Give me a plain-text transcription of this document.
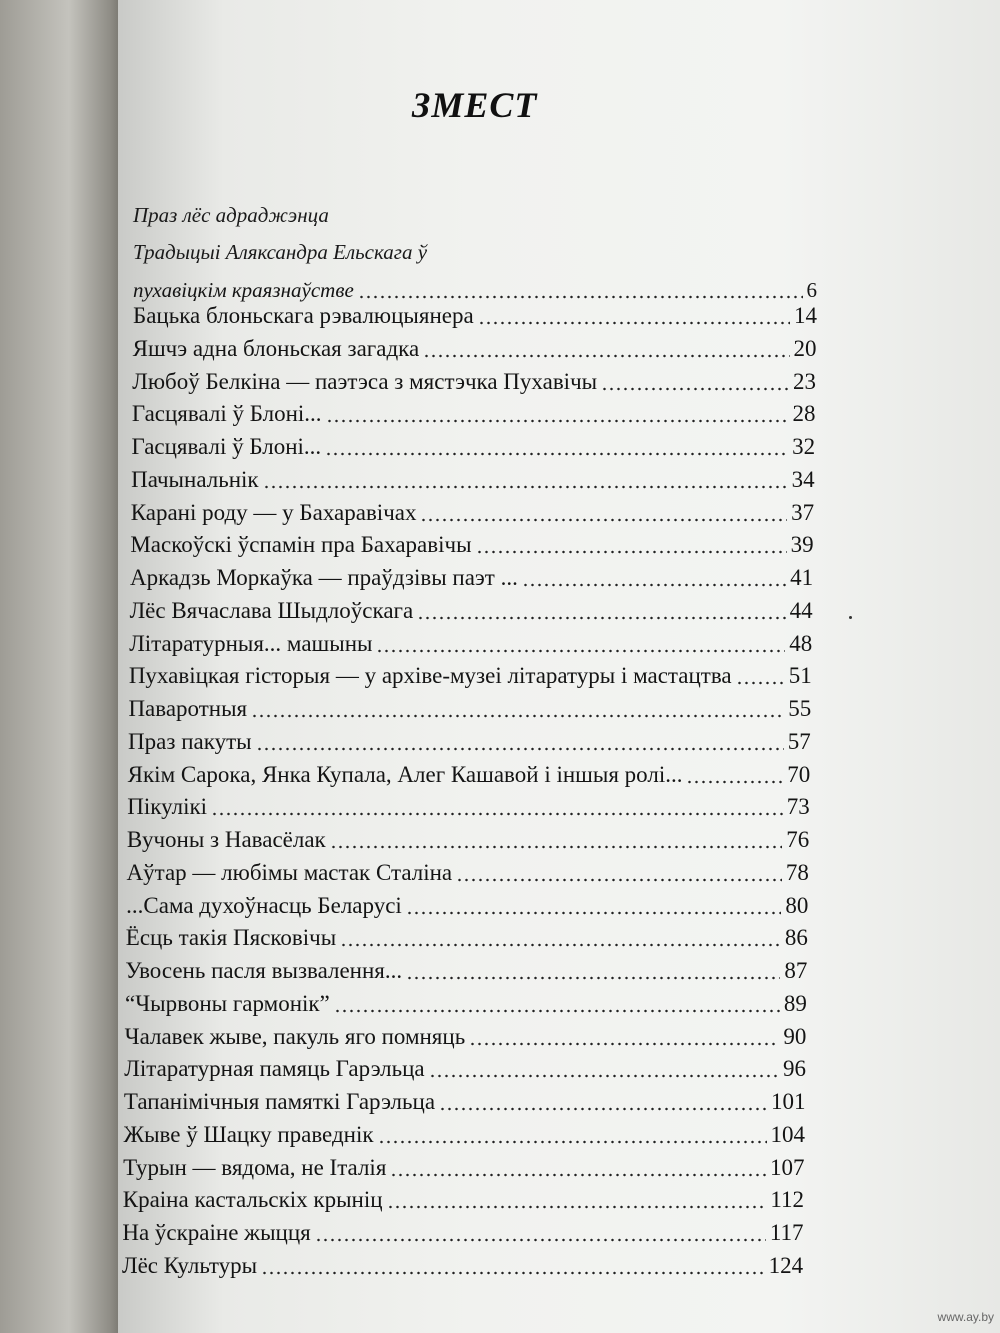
ЗМЕСТ
Праз лёс адраджэнца
Традыцыі Аляксандра Ельскага ў
пухавіцкім краязнаўстве	6
Бацька блоньскага рэвалюцыянера	14
Яшчэ адна блоньская загадка	20
Любоў Белкіна — паэтэса з мястэчка Пухавічы	23
Гасцявалі ў Блоні...	28
Гасцявалі ў Блоні...	32
Пачынальнік	34
Карані роду — у Бахаравічах	37
Маскоўскі ўспамін пра Бахаравічы	39
Аркадзь Моркаўка — праўдзівы паэт ...	41
Лёс Вячаслава Шыдлоўскага	44
Літаратурныя... машыны	48
Пухавіцкая гісторыя — у архіве-музеі літаратуры і мастацтва 51
Паваротныя	55
Праз пакуты	57
Якім Сарока, Янка Купала, Алег Кашавой і іншыя ролі...	70
Пікулікі	73
Вучоны з Навасёлак	76
Аўтар — любімы мастак Сталіна	78
...Сама духоўнасць Беларусі	80
Ёсць такія Пясковічы	86
Увосень пасля вызвалення...	87
“Чырвоны гармонік”	89
Чалавек жыве, пакуль яго помняць	90
Літаратурная памяць Гарэльца	96
Тапанімічныя памяткі Гарэльца	101
Жыве ў Шацку праведнік	104
Турын — вядома, не Італія	107
Краіна кастальскіх крыніц	112
На ўскраіне жыцця	117
Лёс Культуры	124
www.ay.by
